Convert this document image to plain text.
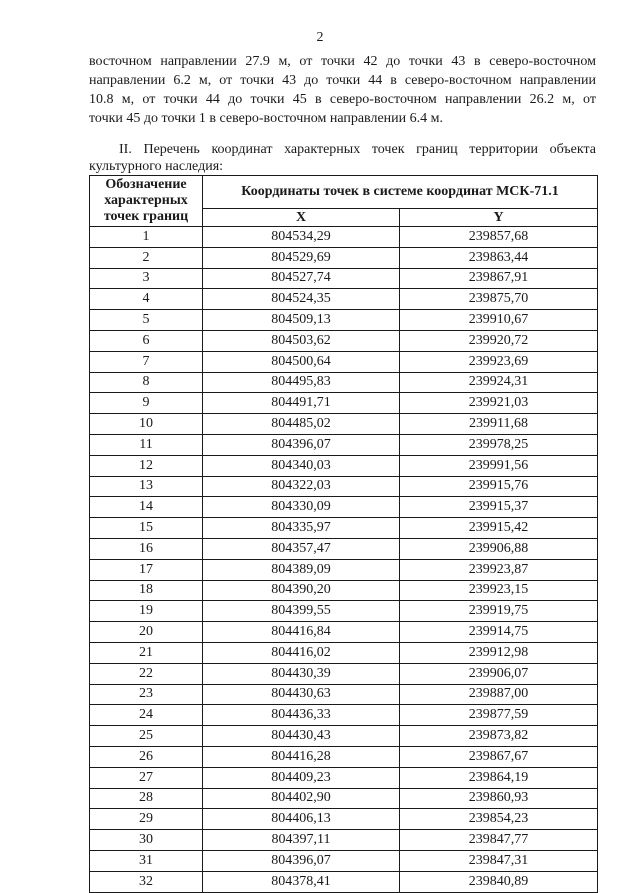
2

восточном направлении 27.9 м, от точки 42 до точки 43 в северо-восточном
направлении 6.2 м, от точки 43 до точки 44 в северо-восточном направлении
10.8 м, от точки 44 до точки 45 в северо-восточном направлении 26.2 м, от
точки 45 до точки 1 в северо-восточном направлении 6.4 м.

II. Перечень координат характерных точек границ территории объекта
культурного наследия:

Обозначение характерных точек границ	Координаты точек в системе координат МСК-71.1	
	X	Y
1	804534,29	239857,68
2	804529,69	239863,44
3	804527,74	239867,91
4	804524,35	239875,70
5	804509,13	239910,67
6	804503,62	239920,72
7	804500,64	239923,69
8	804495,83	239924,31
9	804491,71	239921,03
10	804485,02	239911,68
11	804396,07	239978,25
12	804340,03	239991,56
13	804322,03	239915,76
14	804330,09	239915,37
15	804335,97	239915,42
16	804357,47	239906,88
17	804389,09	239923,87
18	804390,20	239923,15
19	804399,55	239919,75
20	804416,84	239914,75
21	804416,02	239912,98
22	804430,39	239906,07
23	804430,63	239887,00
24	804436,33	239877,59
25	804430,43	239873,82
26	804416,28	239867,67
27	804409,23	239864,19
28	804402,90	239860,93
29	804406,13	239854,23
30	804397,11	239847,77
31	804396,07	239847,31
32	804378,41	239840,89
